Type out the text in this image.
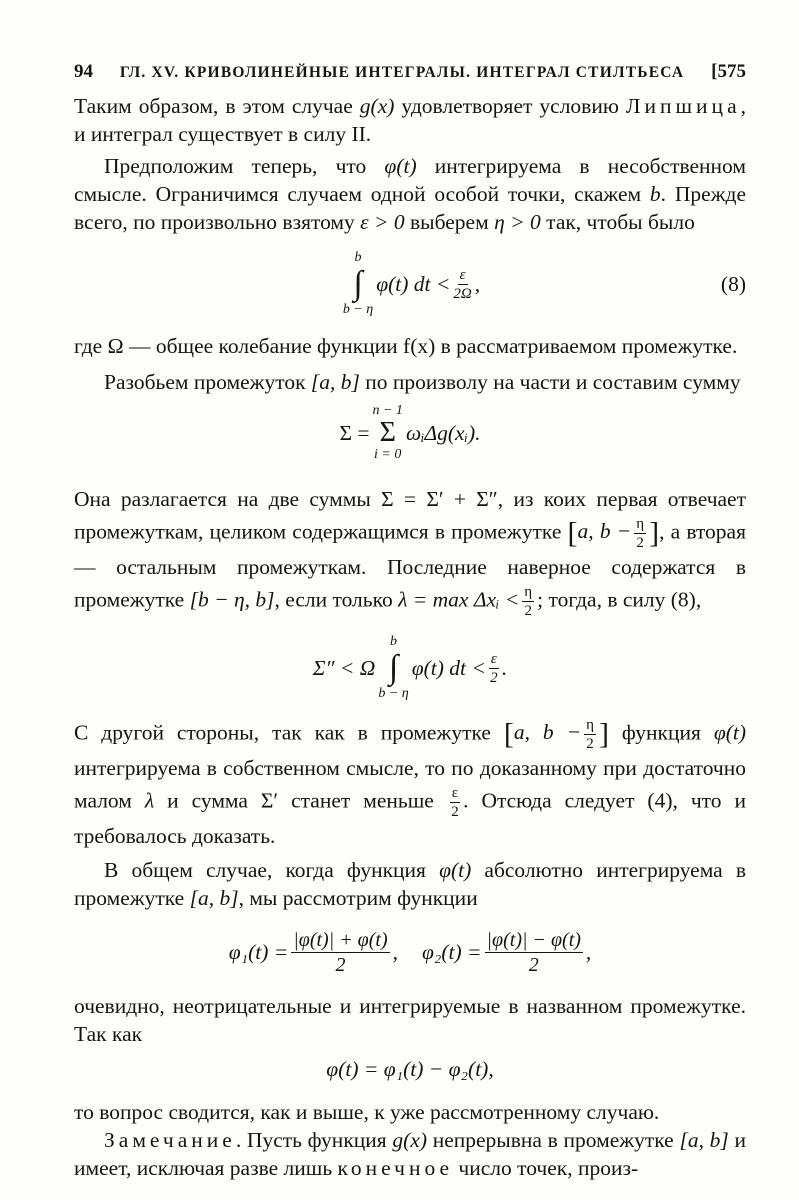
94 ГЛ. XV. КРИВОЛИНЕЙНЫЕ ИНТЕГРАЛЫ. ИНТЕГРАЛ СТИЛТЬЕСА [575

Таким образом, в этом случае g(x) удовлетворяет условию Липшица, и интеграл существует в силу II.

Предположим теперь, что φ(t) интегрируема в несобственном смысле. Ограничимся случаем одной особой точки, скажем b. Прежде всего, по произвольно взятому ε > 0 выберем η > 0 так, чтобы было

b
∫
b − η
φ(t) dt < $\frac{\varepsilon}{2\Omega}$ ,	(8)

где Ω — общее колебание функции f(x) в рассматриваемом промежутке.

Разобьем промежуток [a, b] по произволу на части и составим сумму

Σ =
n − 1
Σ
i = 0
ωᵢΔg(xᵢ).

Она разлагается на две суммы Σ = Σ′ + Σ″, из коих первая отвечает промежуткам, целиком содержащимся в промежутке [a, $b - \frac{\eta}{2}$ ], а вторая — остальным промежуткам. Последние наверное содержатся в промежутке [b − η, b], если только λ = max Δxᵢ < $\frac{\eta}{2}$ ; тогда, в силу (8),

Σ″ < Ω
b
∫
b − η
φ(t) dt < $\frac{\varepsilon}{2}$ .

С другой стороны, так как в промежутке [a, $b - \frac{\eta}{2}$ ] функция φ(t) интегрируема в собственном смысле, то по доказанному при достаточно малом λ и сумма Σ′ станет меньше $\frac{\varepsilon}{2}$ . Отсюда следует (4), что и требовалось доказать.

В общем случае, когда функция φ(t) абсолютно интегрируема в промежутке [a, b], мы рассмотрим функции

$\varphi_1(t) = \frac{|\varphi(t)| + \varphi(t)}{2}$ , $\varphi_2(t) = \frac{|\varphi(t)| - \varphi(t)}{2}$ ,

очевидно, неотрицательные и интегрируемые в названном промежутке. Так как

φ(t) = φ₁(t) − φ₂(t),

то вопрос сводится, как и выше, к уже рассмотренному случаю.

Замечание. Пусть функция g(x) непрерывна в промежутке [a, b] и имеет, исключая разве лишь конечное число точек, произ-
